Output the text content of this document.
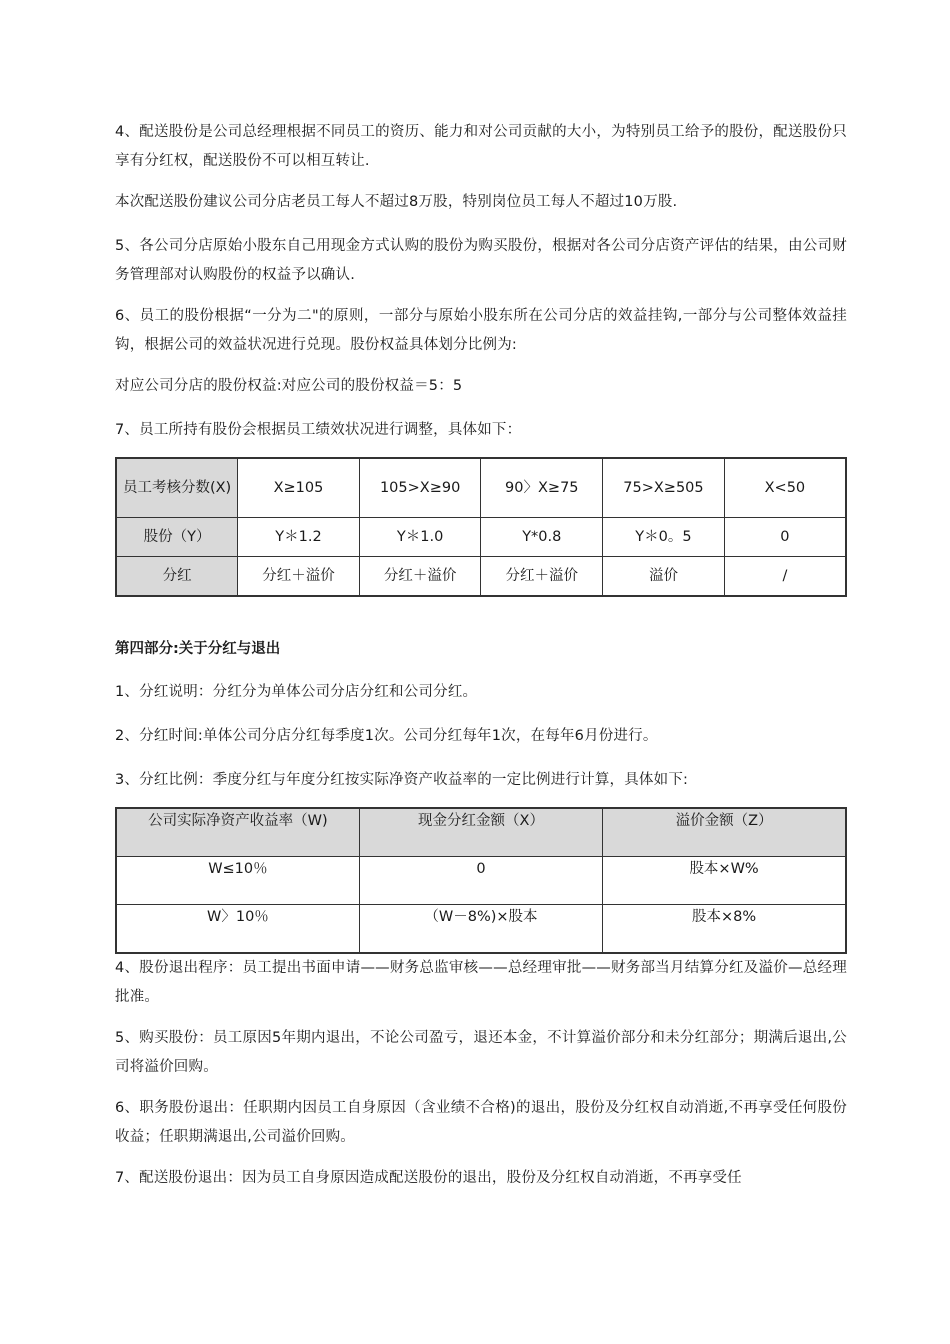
4、配送股份是公司总经理根据不同员工的资历、能力和对公司贡献的大小，为特别员工给予的股份，配送股份只享有分红权，配送股份不可以相互转让.

本次配送股份建议公司分店老员工每人不超过8万股，特别岗位员工每人不超过10万股.

5、各公司分店原始小股东自己用现金方式认购的股份为购买股份，根据对各公司分店资产评估的结果，由公司财务管理部对认购股份的权益予以确认.

6、员工的股份根据“一分为二"的原则，一部分与原始小股东所在公司分店的效益挂钩,一部分与公司整体效益挂钩，根据公司的效益状况进行兑现。股份权益具体划分比例为:

对应公司分店的股份权益:对应公司的股份权益＝5：5

7、员工所持有股份会根据员工绩效状况进行调整，具体如下：

员工考核分数(X)	X≥105	105>X≥90	90〉X≥75	75>X≥505	X<50
股份（Y）	Y＊1.2	Y＊1.0	Y*0.8	Y＊0。5	0
分红	分红＋溢价	分红＋溢价	分红＋溢价	溢价	/

第四部分:关于分红与退出

1、分红说明：分红分为单体公司分店分红和公司分红。

2、分红时间:单体公司分店分红每季度1次。公司分红每年1次，在每年6月份进行。

3、分红比例：季度分红与年度分红按实际净资产收益率的一定比例进行计算，具体如下:

公司实际净资产收益率（W)	现金分红金额（X）	溢价金额（Z）
W≤10％	0	股本×W%
W〉10％	（W－8%)×股本	股本×8%

4、股份退出程序：员工提出书面申请——财务总监审核——总经理审批——财务部当月结算分红及溢价—总经理批准。

5、购买股份：员工原因5年期内退出，不论公司盈亏，退还本金，不计算溢价部分和未分红部分；期满后退出,公司将溢价回购。

6、职务股份退出：任职期内因员工自身原因（含业绩不合格)的退出，股份及分红权自动消逝,不再享受任何股份收益；任职期满退出,公司溢价回购。

7、配送股份退出：因为员工自身原因造成配送股份的退出，股份及分红权自动消逝，不再享受任
